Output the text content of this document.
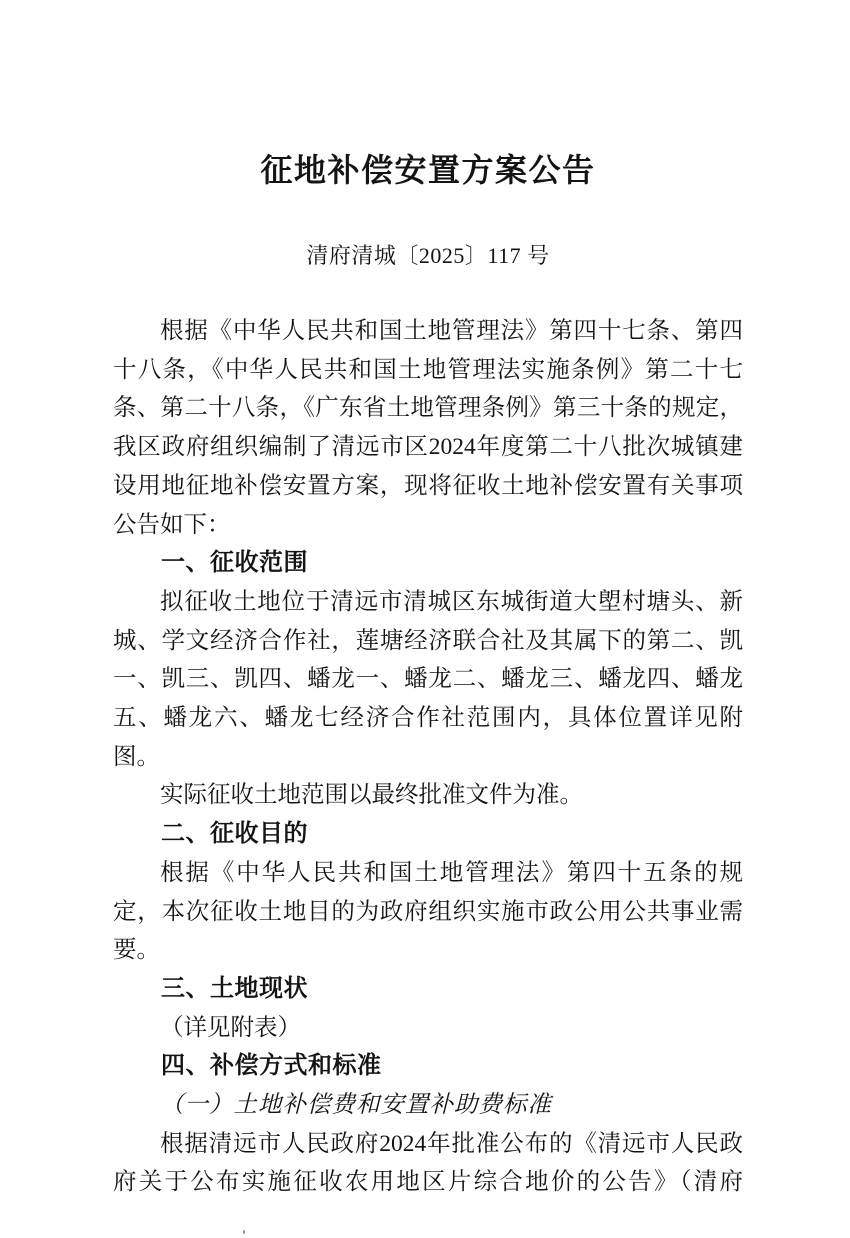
征地补偿安置方案公告
清府清城〔2025〕117 号

根据《中华人民共和国土地管理法》第四十七条、第四十八条，《中华人民共和国土地管理法实施条例》第二十七条、第二十八条，《广东省土地管理条例》第三十条的规定，我区政府组织编制了清远市区2024年度第二十八批次城镇建设用地征地补偿安置方案，现将征收土地补偿安置有关事项公告如下：

一、征收范围

拟征收土地位于清远市清城区东城街道大塱村塘头、新城、学文经济合作社，莲塘经济联合社及其属下的第二、凯一、凯三、凯四、蟠龙一、蟠龙二、蟠龙三、蟠龙四、蟠龙五、蟠龙六、蟠龙七经济合作社范围内，具体位置详见附图。

实际征收土地范围以最终批准文件为准。

二、征收目的

根据《中华人民共和国土地管理法》第四十五条的规定，本次征收土地目的为政府组织实施市政公用公共事业需要。

三、土地现状

（详见附表）

四、补偿方式和标准
（一）土地补偿费和安置补助费标准

根据清远市人民政府2024年批准公布的《清远市人民政府关于公布实施征收农用地区片综合地价的公告》（清府
